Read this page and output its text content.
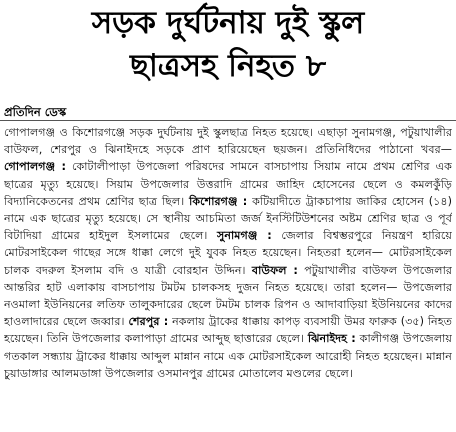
সড়ক দুর্ঘটনায় দুই স্কুল
ছাত্রসহ নিহত ৮
প্রতিদিন ডেস্ক
গোপালগঞ্জ ও কিশোরগঞ্জে সড়ক দুর্ঘটনায় দুই স্কুলছাত্র নিহত হয়েছে। এছাড়া সুনামগঞ্জ, পটুয়াখালীর বাউফল, শেরপুর ও ঝিনাইদহে সড়কে প্রাণ হারিয়েছেন ছয়জন। প্রতিনিধিদের পাঠানো খবর— গোপালগঞ্জ : কোটালীপাড়া উপজেলা পরিষদের সামনে বাসচাপায় সিয়াম নামে প্রথম শ্রেণির এক ছাত্রের মৃত্যু হয়েছে। সিয়াম উপজেলার উত্তরাদি গ্রামের জাহিদ হোসেনের ছেলে ও কমলকুঁড়ি বিদ্যানিকেতনের প্রথম শ্রেণির ছাত্র ছিল। কিশোরগঞ্জ : কটিয়াদীতে ট্রাকচাপায় জাকির হোসেন (১৪) নামে এক ছাত্রের মৃত্যু হয়েছে। সে স্থানীয় আচমিতা জর্জ ইনস্টিটিউশনের অষ্টম শ্রেণির ছাত্র ও পূর্ব বিটাদিয়া গ্রামের হাইদুল ইসলামের ছেলে। সুনামগঞ্জ : জেলার বিশ্বম্ভরপুরে নিয়ন্ত্রণ হারিয়ে মোটরসাইকেল গাছের সঙ্গে ধাক্কা লেগে দুই যুবক নিহত হয়েছেন। নিহতরা হলেন— মোটরসাইকেল চালক বদরুল ইসলাম বদি ও যাত্রী বোরহান উদ্দিন। বাউফল : পটুয়াখালীর বাউফল উপজেলার আন্তরির হাট এলাকায় বাসচাপায় টমটম চালকসহ দুজন নিহত হয়েছে। তারা হলেন— উপজেলার নওমালা ইউনিয়নের লতিফ তালুকদারের ছেলে টমটম চালক রিপন ও আদাবাড়িয়া ইউনিয়নের কাদের হাওলাদারের ছেলে জব্বার। শেরপুর : নকলায় ট্রাকের ধাক্কায় কাপড় ব্যবসায়ী উমর ফারুক (৩৫) নিহত হয়েছেন। তিনি উপজেলার কলাপাড়া গ্রামের আব্দুছ ছাত্তারের ছেলে। ঝিনাইদহ : কালীগঞ্জ উপজেলায় গতকাল সন্ধ্যায় ট্রাকের ধাক্কায় আব্দুল মান্নান নামে এক মোটরসাইকেল আরোহী নিহত হয়েছেন। মান্নান চুয়াডাঙ্গার আলমডাঙ্গা উপজেলার ওসমানপুর গ্রামের মোতালেব মণ্ডলের ছেলে।
